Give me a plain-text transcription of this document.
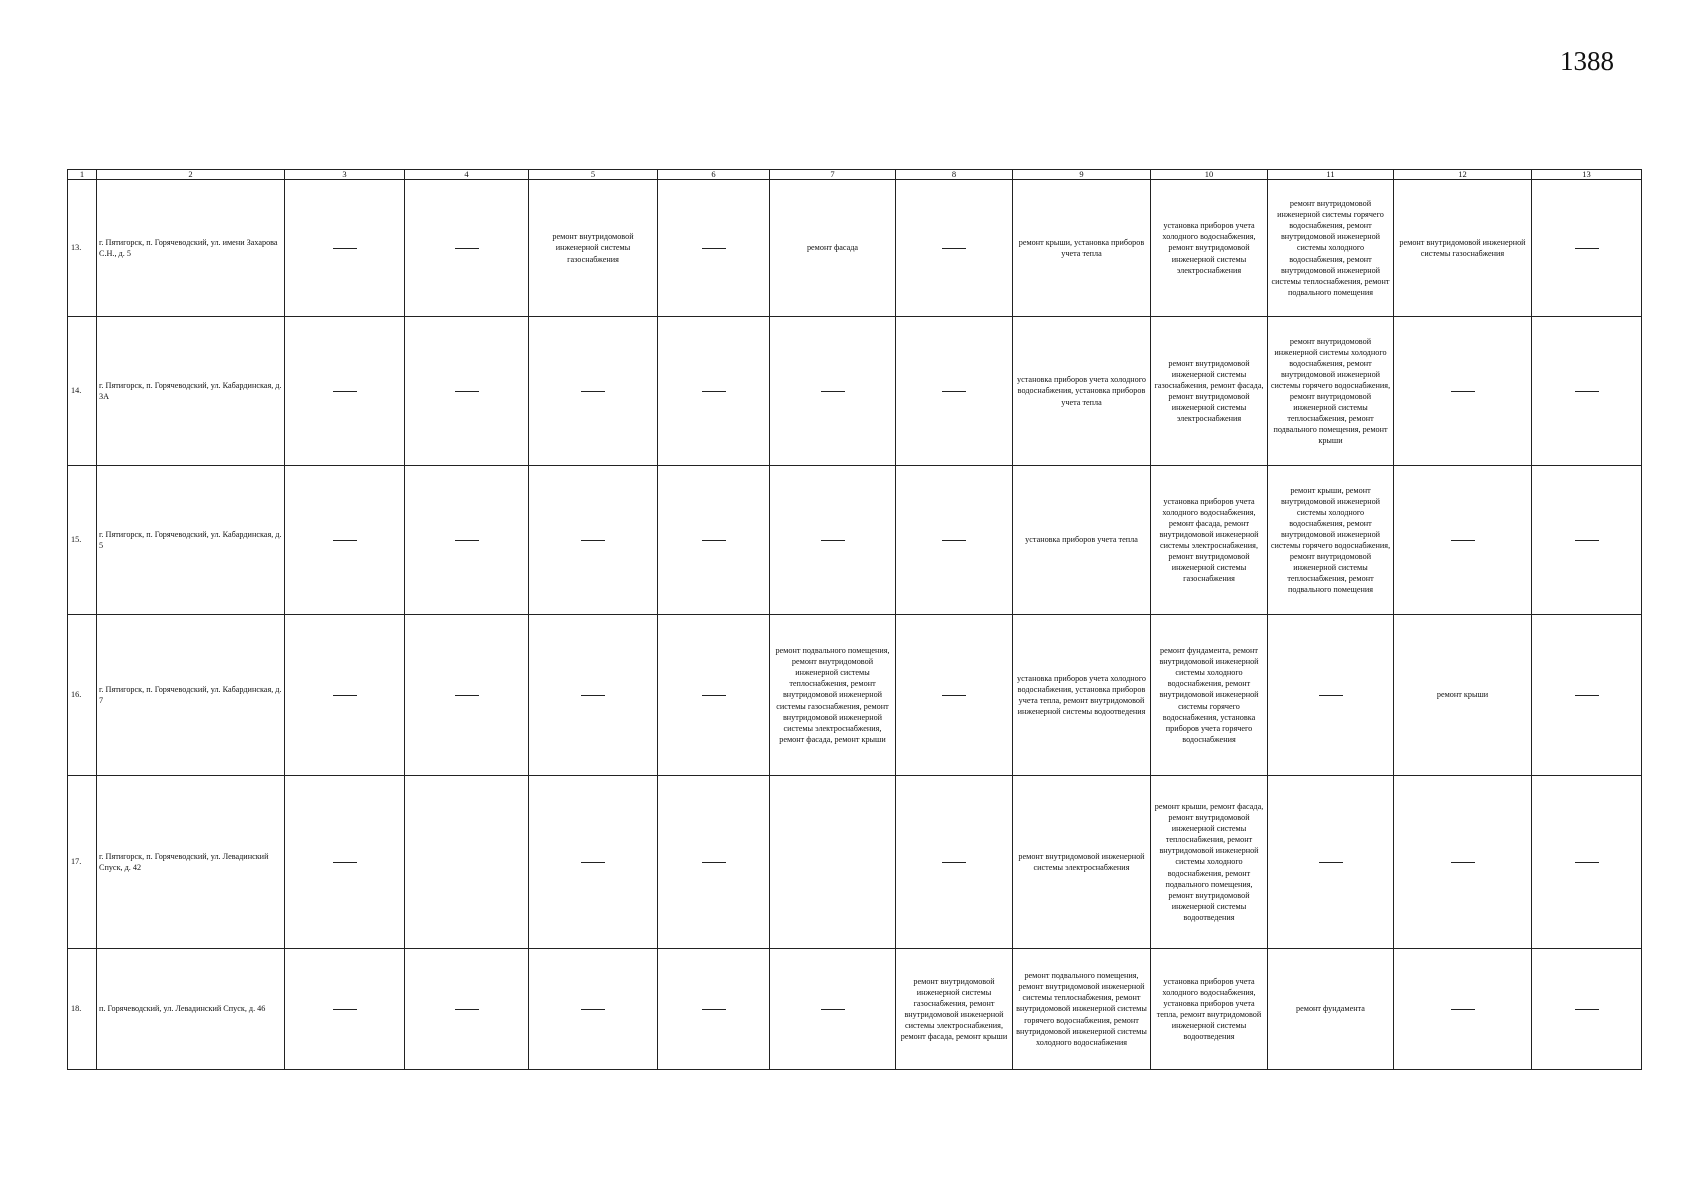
1388
1	2	3	4	5	6	7	8	9	10	11	12	13
13.	г. Пятигорск, п. Горячеводский, ул. имени Захарова С.Н., д. 5			ремонт внутридомовой инженерной системы газоснабжения		ремонт фасада		ремонт крыши, установка приборов учета тепла	установка приборов учета холодного водоснабжения, ремонт внутридомовой инженерной системы электроснабжения	ремонт внутридомовой инженерной системы горячего водоснабжения, ремонт внутридомовой инженерной системы холодного водоснабжения, ремонт внутридомовой инженерной системы теплоснабжения, ремонт подвального помещения	ремонт внутридомовой инженерной системы газоснабжения	
14.	г. Пятигорск, п. Горячеводский, ул. Кабардинская, д. 3А							установка приборов учета холодного водоснабжения, установка приборов учета тепла	ремонт внутридомовой инженерной системы газоснабжения, ремонт фасада, ремонт внутридомовой инженерной системы электроснабжения	ремонт внутридомовой инженерной системы холодного водоснабжения, ремонт внутридомовой инженерной системы горячего водоснабжения, ремонт внутридомовой инженерной системы теплоснабжения, ремонт подвального помещения, ремонт крыши		
15.	г. Пятигорск, п. Горячеводский, ул. Кабардинская, д. 5							установка приборов учета тепла	установка приборов учета холодного водоснабжения, ремонт фасада, ремонт внутридомовой инженерной системы электроснабжения, ремонт внутридомовой инженерной системы газоснабжения	ремонт крыши, ремонт внутридомовой инженерной системы холодного водоснабжения, ремонт внутридомовой инженерной системы горячего водоснабжения, ремонт внутридомовой инженерной системы теплоснабжения, ремонт подвального помещения		
16.	г. Пятигорск, п. Горячеводский, ул. Кабардинская, д. 7					ремонт подвального помещения, ремонт внутридомовой инженерной системы теплоснабжения, ремонт внутридомовой инженерной системы газоснабжения, ремонт внутридомовой инженерной системы электроснабжения, ремонт фасада, ремонт крыши		установка приборов учета холодного водоснабжения, установка приборов учета тепла, ремонт внутридомовой инженерной системы водоотведения	ремонт фундамента, ремонт внутридомовой инженерной системы холодного водоснабжения, ремонт внутридомовой инженерной системы горячего водоснабжения, установка приборов учета горячего водоснабжения		ремонт крыши	
17.	г. Пятигорск, п. Горячеводский, ул. Левадинский Спуск, д. 42							ремонт внутридомовой инженерной системы электроснабжения	ремонт крыши, ремонт фасада, ремонт внутридомовой инженерной системы теплоснабжения, ремонт внутридомовой инженерной системы холодного водоснабжения, ремонт подвального помещения, ремонт внутридомовой инженерной системы водоотведения			
18.	п. Горячеводский, ул. Левадинский Спуск, д. 46						ремонт внутридомовой инженерной системы газоснабжения, ремонт внутридомовой инженерной системы электроснабжения, ремонт фасада, ремонт крыши	ремонт подвального помещения, ремонт внутридомовой инженерной системы теплоснабжения, ремонт внутридомовой инженерной системы горячего водоснабжения, ремонт внутридомовой инженерной системы холодного водоснабжения	установка приборов учета холодного водоснабжения, установка приборов учета тепла, ремонт внутридомовой инженерной системы водоотведения	ремонт фундамента		
